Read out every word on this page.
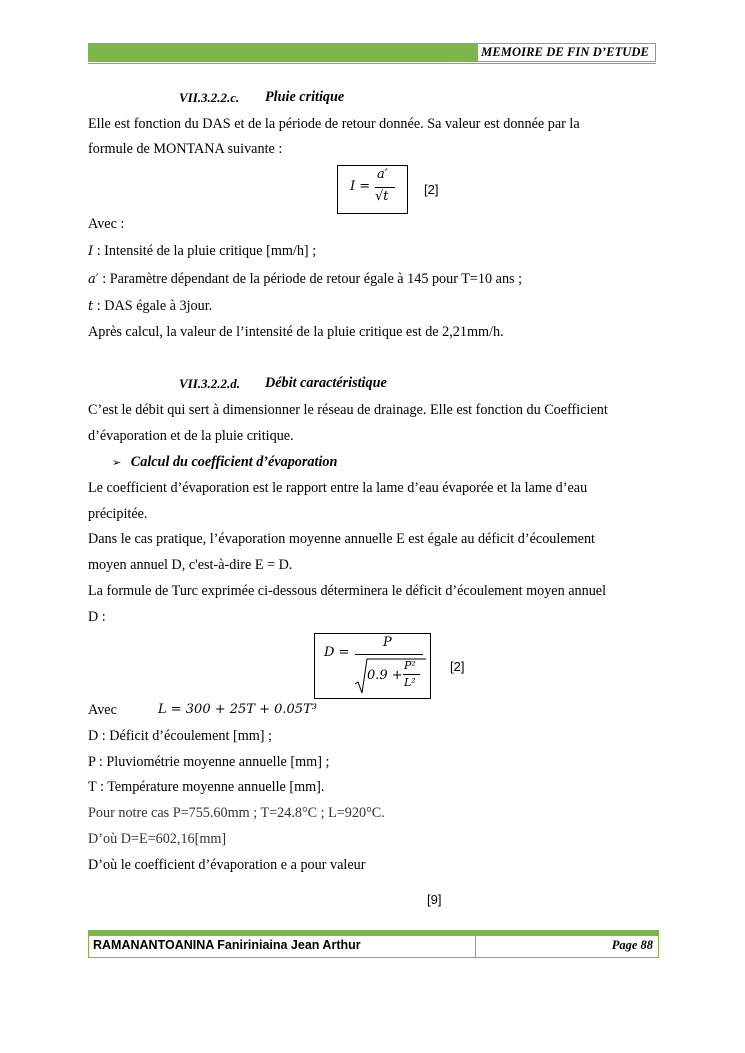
MEMOIRE DE FIN D’ETUDE
VII.3.2.2.c. Pluie critique
Elle est fonction du DAS et de la période de retour donnée. Sa valeur est donnée par la
formule de MONTANA suivante :
I =
a′
√t	[2]
Avec :
I : Intensité de la pluie critique [mm/h] ;
a′ : Paramètre dépendant de la période de retour égale à 145 pour T=10 ans ;
t : DAS égale à 3jour.
Après calcul, la valeur de l’intensité de la pluie critique est de 2,21mm/h.
VII.3.2.2.d. Débit caractéristique
C’est le débit qui sert à dimensionner le réseau de drainage. Elle est fonction du Coefficient
d’évaporation et de la pluie critique.
➢ Calcul du coefficient d’évaporation
Le coefficient d’évaporation est le rapport entre la lame d’eau évaporée et la lame d’eau
précipitée.
Dans le cas pratique, l’évaporation moyenne annuelle E est égale au déficit d’écoulement
moyen annuel D, c'est-à-dire E = D.
La formule de Turc exprimée ci-dessous déterminera le déficit d’écoulement moyen annuel
D :
D =
P
0.9 +
P²
L²
[2]
Avec	L = 300 + 25T + 0.05T³
D : Déficit d’écoulement [mm] ;
P : Pluviométrie moyenne annuelle [mm] ;
T : Température moyenne annuelle [mm].
Pour notre cas P=755.60mm ; T=24.8°C ; L=920°C.
D’où D=E=602,16[mm]
D’où le coefficient d’évaporation e a pour valeur
[9]
RAMANANTOANINA Faniriniaina Jean Arthur	Page 88
